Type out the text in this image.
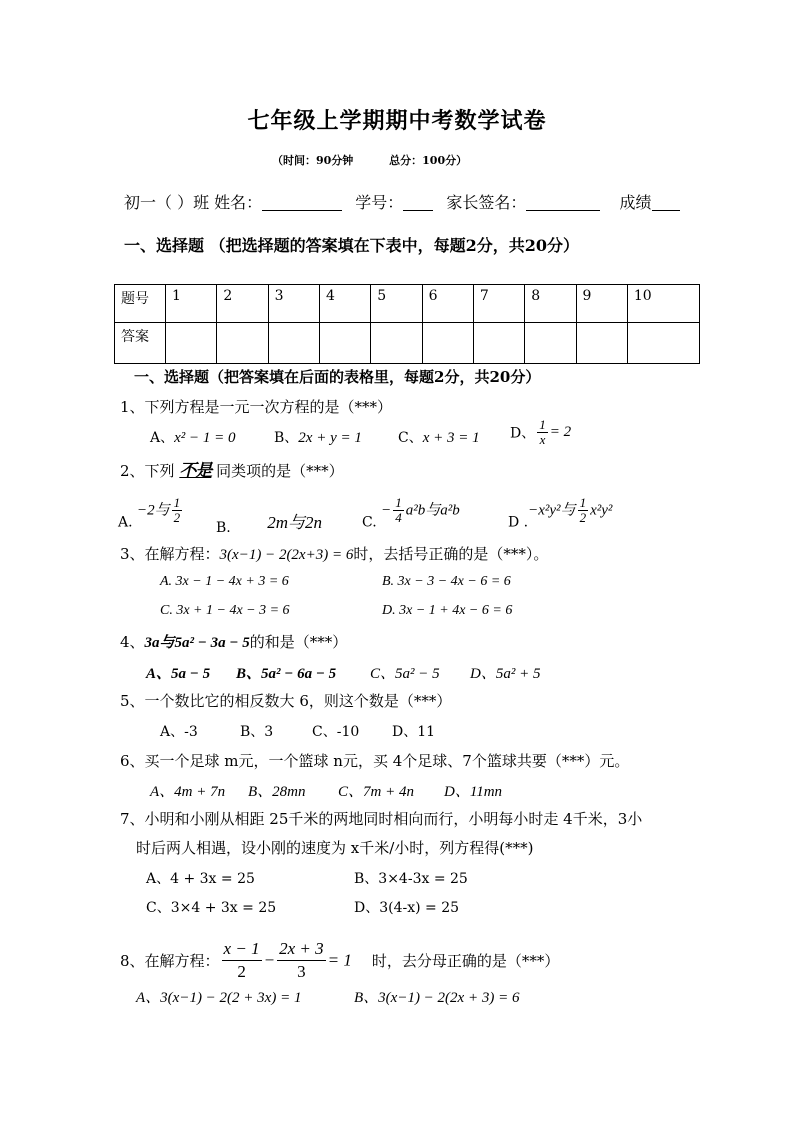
七年级上学期期中考数学试卷
（时间：90分钟	总分：100分）
初一（ ）班 姓名：	学号：	家长签名：	成绩
一、选择题 （把选择题的答案填在下表中，每题2分，共20分）
题号	1	2	3	4	5	6	7	8	9	10
答案										
一、选择题（把答案填在后面的表格里，每题2分，共20分）
1、下列方程是一元一次方程的是（***）
A、x² − 1 = 0	B、2x + y = 1	C、x + 3 = 1 D、 $\frac{1}{x} = 2$
2、下列 不是 同类项的是（***）
A. −2与 $\frac{1}{2}$
B. 2m与2n	C. − $\frac{1}{4} a^2b$与a²b
D .−x²y²与 $\frac{1}{2} x^2y^2$
3、在解方程：3(x−1) − 2(2x+3) = 6时，去括号正确的是（***）。
A. 3x − 1 − 4x + 3 = 6	B. 3x − 3 − 4x − 6 = 6
C. 3x + 1 − 4x − 3 = 6	D. 3x − 1 + 4x − 6 = 6
4、3a与5a² − 3a − 5的和是（***）
A、5a − 5 B、5a² − 6a − 5 C、5a² − 5 D、5a² + 5
5、一个数比它的相反数大 6，则这个数是（***）
A、-3	B、3	C、-10 D、11
6、买一个足球 m元，一个篮球 n元，买 4个足球、7个篮球共要（***）元。
A、4m + 7n B、28mn C、7m + 4n D、11mn
7、小明和小刚从相距 25千米的两地同时相向而行，小明每小时走 4千米，3小
时后两人相遇，设小刚的速度为 x千米/小时，列方程得(***)
A、4 + 3x = 25	B、3×4-3x = 25
C、3×4 + 3x = 25	D、3(4-x) = 25
8、在解方程： $\frac{x - 1}{2} - \frac{2x + 3}{3} = 1$ 时，去分母正确的是（***）
A、3(x−1) − 2(2 + 3x) = 1	B、3(x−1) − 2(2x + 3) = 6
